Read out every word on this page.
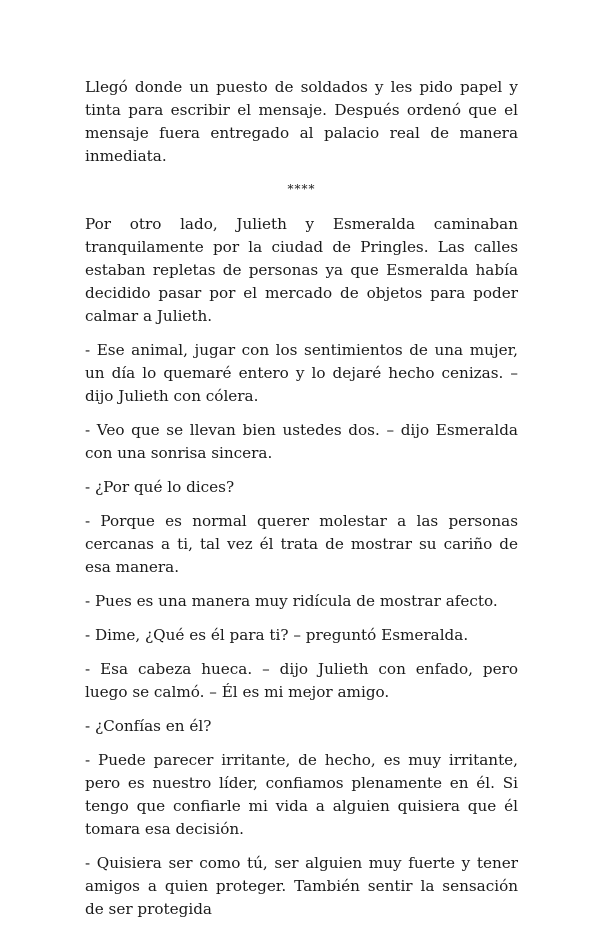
Llegó donde un puesto de soldados y les pido papel y tinta para escribir el mensaje. Después ordenó que el mensaje fuera entregado al palacio real de manera inmediata.

****

Por otro lado, Julieth y Esmeralda caminaban tranquilamente por la ciudad de Pringles. Las calles estaban repletas de personas ya que Esmeralda había decidido pasar por el mercado de objetos para poder calmar a Julieth.

- Ese animal, jugar con los sentimientos de una mujer, un día lo quemaré entero y lo dejaré hecho cenizas. – dijo Julieth con cólera.

- Veo que se llevan bien ustedes dos. – dijo Esmeralda con una sonrisa sincera.

- ¿Por qué lo dices?

- Porque es normal querer molestar a las personas cercanas a ti, tal vez él trata de mostrar su cariño de esa manera.

- Pues es una manera muy ridícula de mostrar afecto.

- Dime, ¿Qué es él para ti? – preguntó Esmeralda.

- Esa cabeza hueca. – dijo Julieth con enfado, pero luego se calmó. – Él es mi mejor amigo.

- ¿Confías en él?

- Puede parecer irritante, de hecho, es muy irritante, pero es nuestro líder, confiamos plenamente en él. Si tengo que confiarle mi vida a alguien quisiera que él tomara esa decisión.

- Quisiera ser como tú, ser alguien muy fuerte y tener amigos a quien proteger. También sentir la sensación de ser protegida
